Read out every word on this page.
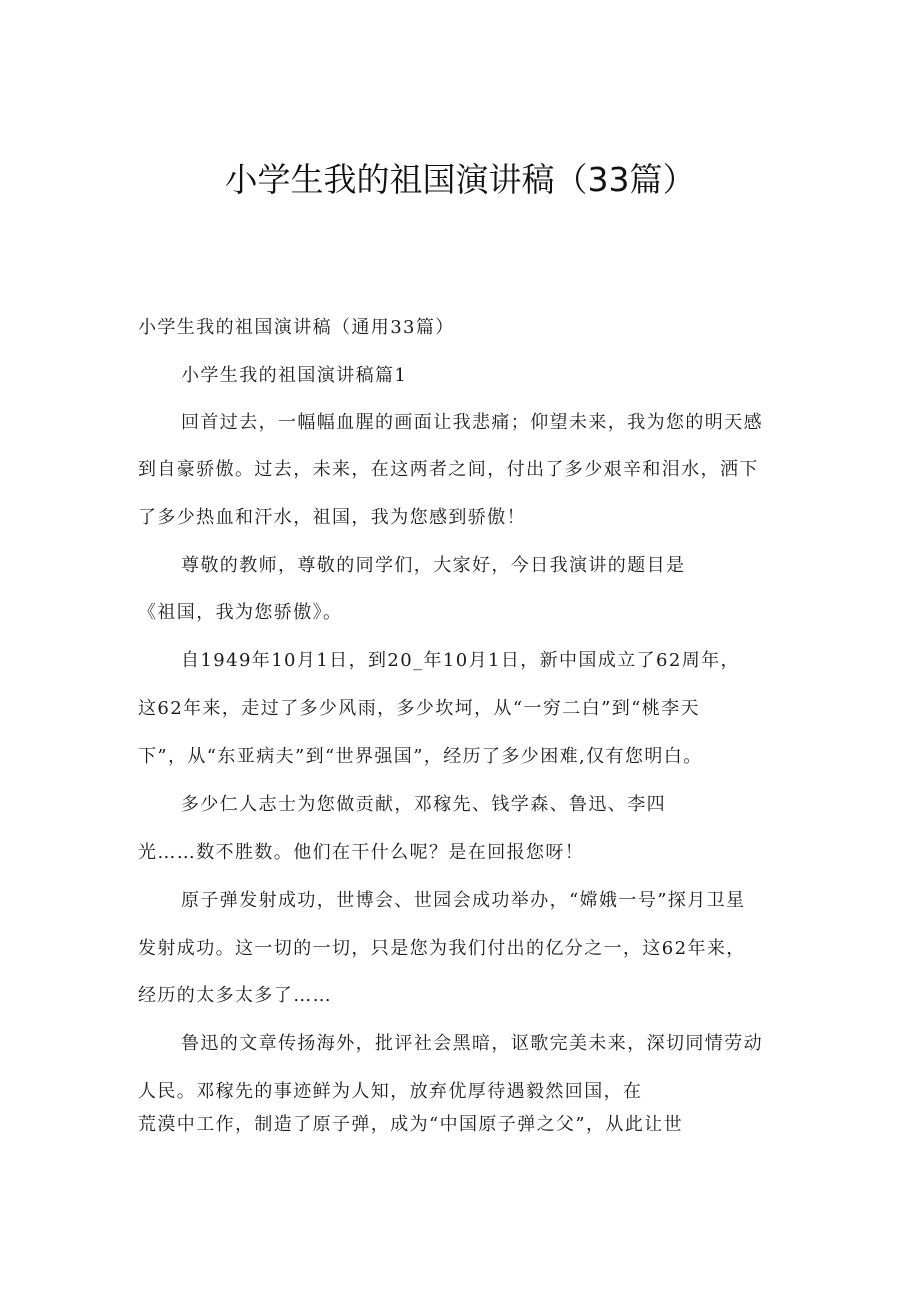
小学生我的祖国演讲稿（33篇）
小学生我的祖国演讲稿（通用33篇）
小学生我的祖国演讲稿篇1
回首过去，一幅幅血腥的画面让我悲痛；仰望未来，我为您的明天感
到自豪骄傲。过去，未来，在这两者之间，付出了多少艰辛和泪水，洒下
了多少热血和汗水，祖国，我为您感到骄傲！
尊敬的教师，尊敬的同学们，大家好，今日我演讲的题目是
《祖国，我为您骄傲》。
自1949年10月1日，到20_年10月1日，新中国成立了62周年，
这62年来，走过了多少风雨，多少坎坷，从“一穷二白”到“桃李天
下”，从“东亚病夫”到“世界强国”，经历了多少困难,仅有您明白。
多少仁人志士为您做贡献，邓稼先、钱学森、鲁迅、李四
光……数不胜数。他们在干什么呢？是在回报您呀！
原子弹发射成功，世博会、世园会成功举办，“嫦娥一号”探月卫星
发射成功。这一切的一切，只是您为我们付出的亿分之一，这62年来，
经历的太多太多了……
鲁迅的文章传扬海外，批评社会黑暗，讴歌完美未来，深切同情劳动
人民。邓稼先的事迹鲜为人知，放弃优厚待遇毅然回国，在
荒漠中工作，制造了原子弹，成为“中国原子弹之父”，从此让世
